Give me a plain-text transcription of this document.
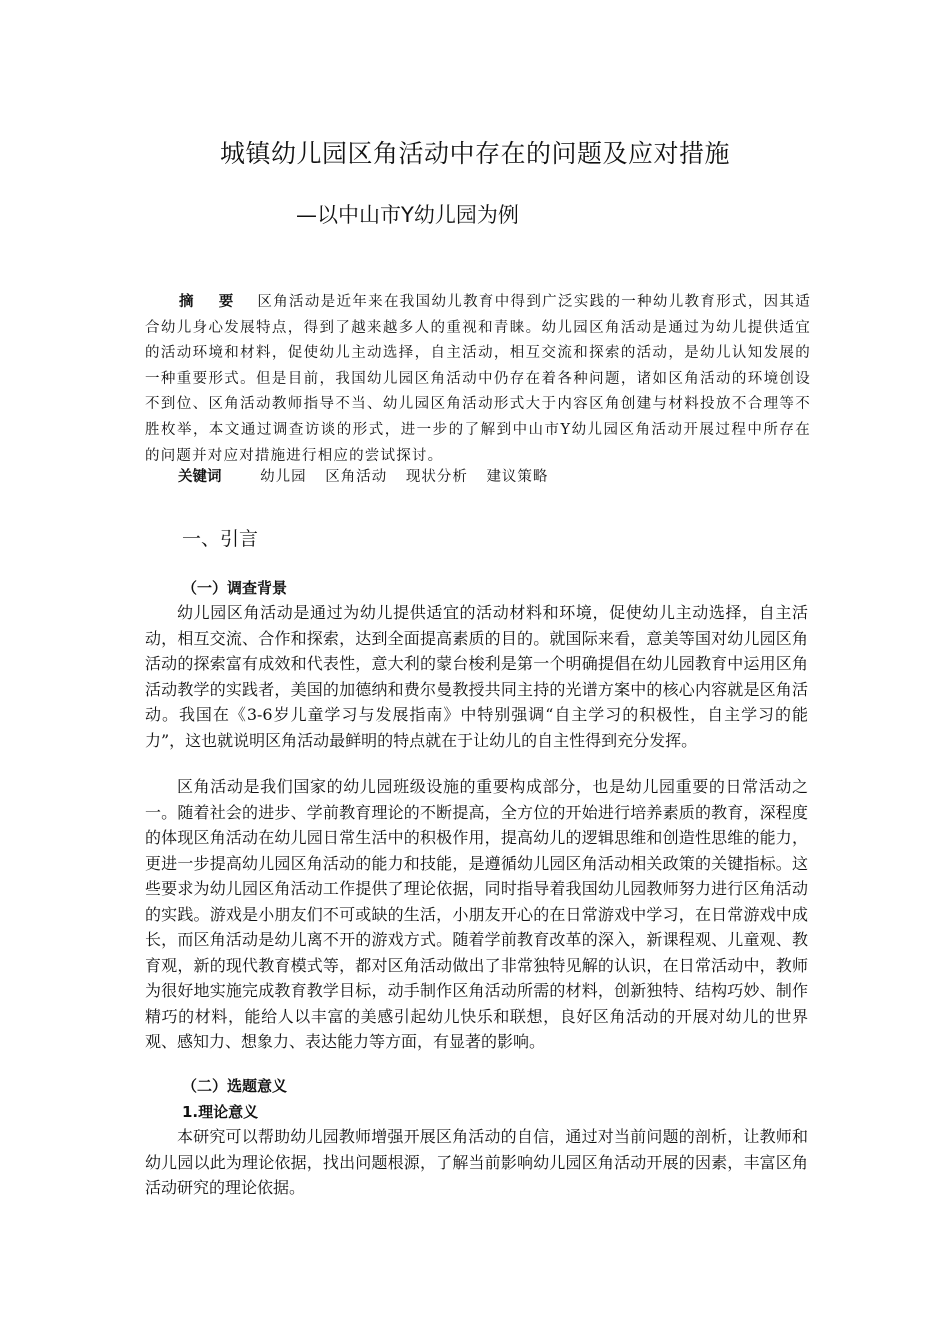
城镇幼儿园区角活动中存在的问题及应对措施
—以中山市Y幼儿园为例

摘 要 区角活动是近年来在我国幼儿教育中得到广泛实践的一种幼儿教育形式，因其适合幼儿身心发展特点，得到了越来越多人的重视和青睐。幼儿园区角活动是通过为幼儿提供适宜的活动环境和材料，促使幼儿主动选择，自主活动，相互交流和探索的活动，是幼儿认知发展的一种重要形式。但是目前，我国幼儿园区角活动中仍存在着各种问题，诸如区角活动的环境创设不到位、区角活动教师指导不当、幼儿园区角活动形式大于内容区角创建与材料投放不合理等不胜枚举，本文通过调查访谈的形式，进一步的了解到中山市Y幼儿园区角活动开展过程中所存在的问题并对应对措施进行相应的尝试探讨。

关键词	幼儿园 区角活动 现状分析 建议策略

一、引言
（一）调查背景

幼儿园区角活动是通过为幼儿提供适宜的活动材料和环境，促使幼儿主动选择，自主活动，相互交流、合作和探索，达到全面提高素质的目的。就国际来看，意美等国对幼儿园区角活动的探索富有成效和代表性，意大利的蒙台梭利是第一个明确提倡在幼儿园教育中运用区角活动教学的实践者，美国的加德纳和费尔曼教授共同主持的光谱方案中的核心内容就是区角活动。我国在《3-6岁儿童学习与发展指南》中特别强调“自主学习的积极性，自主学习的能力”，这也就说明区角活动最鲜明的特点就在于让幼儿的自主性得到充分发挥。

区角活动是我们国家的幼儿园班级设施的重要构成部分，也是幼儿园重要的日常活动之一。随着社会的进步、学前教育理论的不断提高，全方位的开始进行培养素质的教育，深程度的体现区角活动在幼儿园日常生活中的积极作用，提高幼儿的逻辑思维和创造性思维的能力，更进一步提高幼儿园区角活动的能力和技能，是遵循幼儿园区角活动相关政策的关键指标。这些要求为幼儿园区角活动工作提供了理论依据，同时指导着我国幼儿园教师努力进行区角活动的实践。游戏是小朋友们不可或缺的生活，小朋友开心的在日常游戏中学习，在日常游戏中成长，而区角活动是幼儿离不开的游戏方式。随着学前教育改革的深入，新课程观、儿童观、教育观，新的现代教育模式等，都对区角活动做出了非常独特见解的认识，在日常活动中，教师为很好地实施完成教育教学目标，动手制作区角活动所需的材料，创新独特、结构巧妙、制作精巧的材料，能给人以丰富的美感引起幼儿快乐和联想，良好区角活动的开展对幼儿的世界观、感知力、想象力、表达能力等方面，有显著的影响。

（二）选题意义
1.理论意义

本研究可以帮助幼儿园教师增强开展区角活动的自信，通过对当前问题的剖析，让教师和幼儿园以此为理论依据，找出问题根源，了解当前影响幼儿园区角活动开展的因素，丰富区角活动研究的理论依据。
